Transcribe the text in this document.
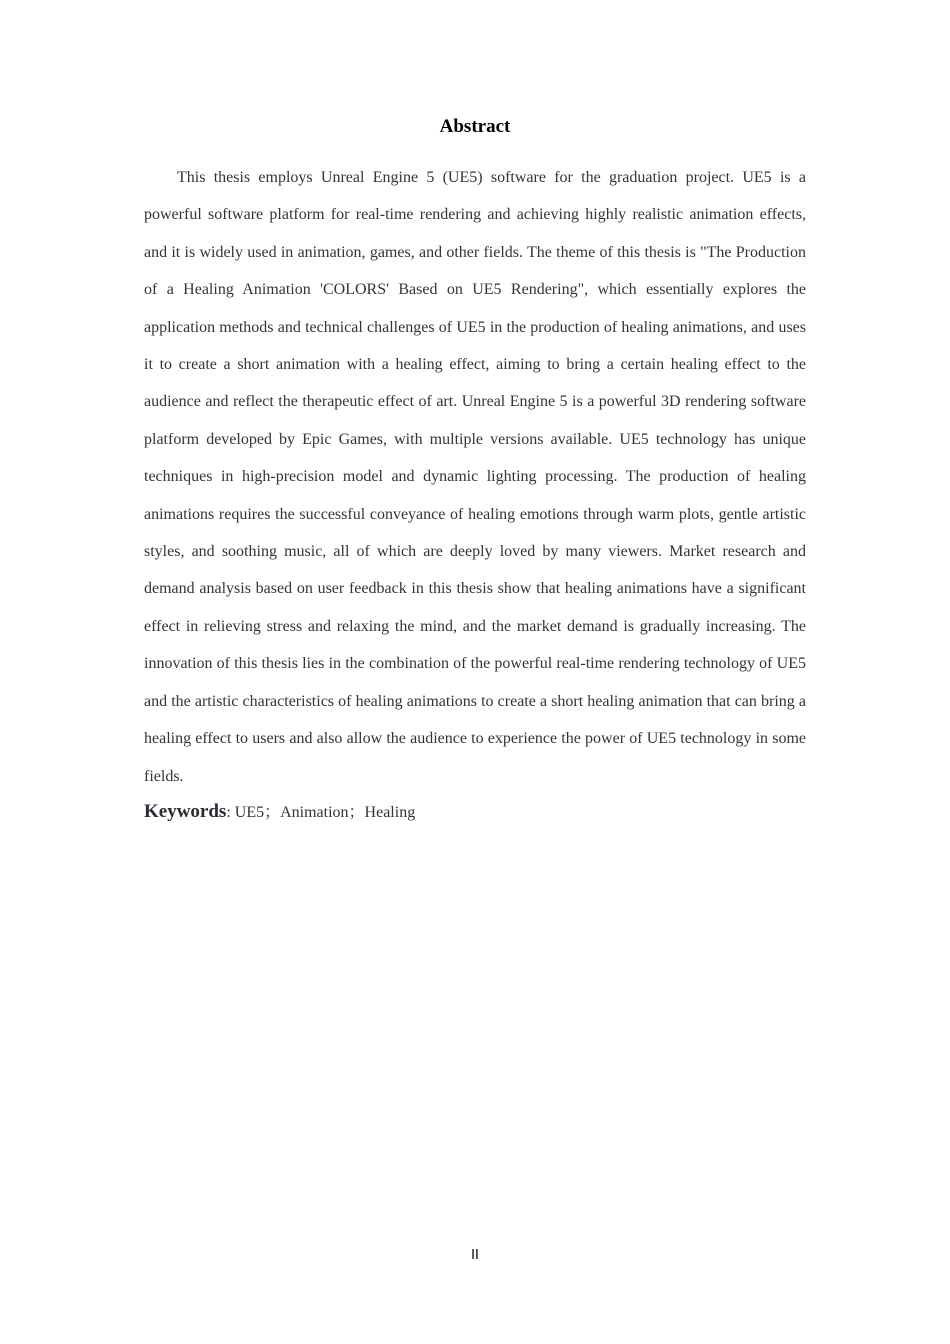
Abstract

This thesis employs Unreal Engine 5 (UE5) software for the graduation project. UE5 is a powerful software platform for real-time rendering and achieving highly realistic animation effects, and it is widely used in animation, games, and other fields. The theme of this thesis is "The Production of a Healing Animation 'COLORS' Based on UE5 Rendering", which essentially explores the application methods and technical challenges of UE5 in the production of healing animations, and uses it to create a short animation with a healing effect, aiming to bring a certain healing effect to the audience and reflect the therapeutic effect of art. Unreal Engine 5 is a powerful 3D rendering software platform developed by Epic Games, with multiple versions available. UE5 technology has unique techniques in high-precision model and dynamic lighting processing. The production of healing animations requires the successful conveyance of healing emotions through warm plots, gentle artistic styles, and soothing music, all of which are deeply loved by many viewers. Market research and demand analysis based on user feedback in this thesis show that healing animations have a significant effect in relieving stress and relaxing the mind, and the market demand is gradually increasing. The innovation of this thesis lies in the combination of the powerful real-time rendering technology of UE5 and the artistic characteristics of healing animations to create a short healing animation that can bring a healing effect to users and also allow the audience to experience the power of UE5 technology in some fields.

Keywords: UE5；Animation；Healing

II
